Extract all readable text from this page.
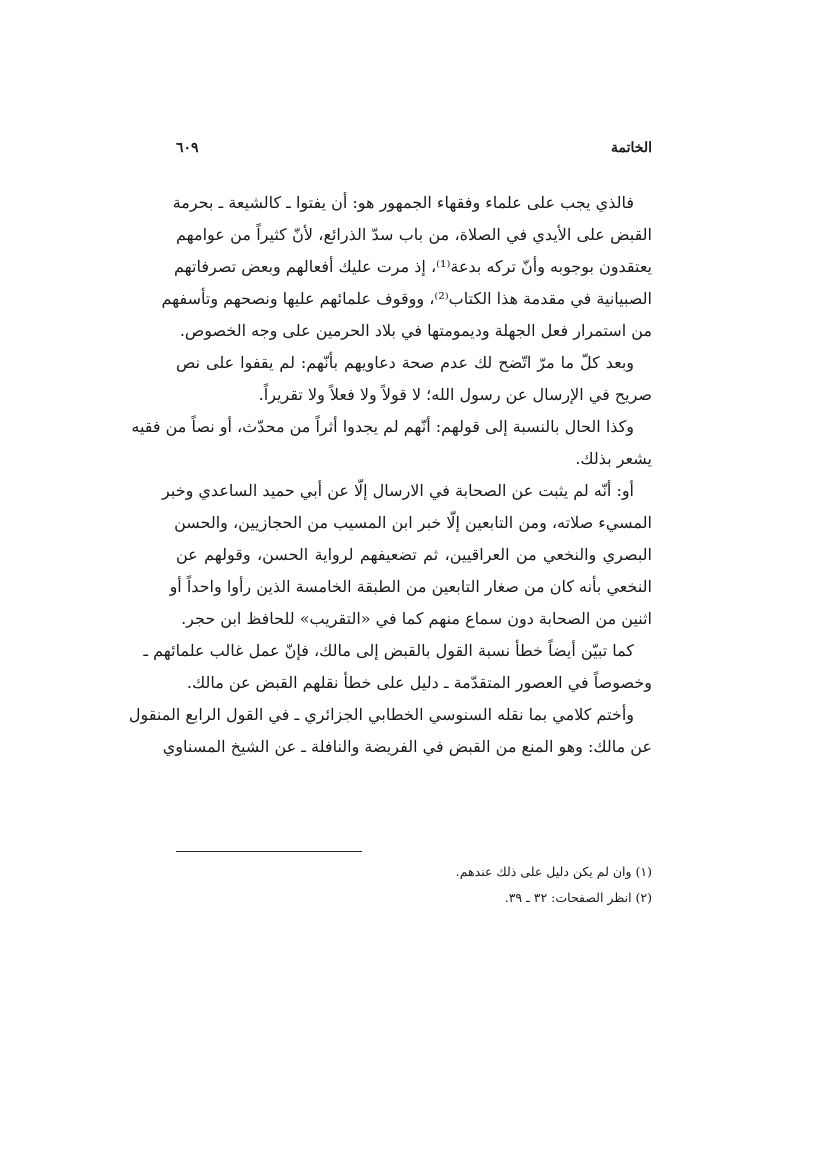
الخاتمة
٦٠٩
فالذي يجب على علماء وفقهاء الجمهور هو: أن يفتوا ـ كالشيعة ـ بحرمة
القبض على الأيدي في الصلاة، من باب سدّ الذرائع، لأنّ كثيراً من عوامهم
يعتقدون بوجوبه وأنّ تركه بدعة⁽¹⁾، إذ مرت عليك أفعالهم وبعض تصرفاتهم
الصبيانية في مقدمة هذا الكتاب⁽²⁾، ووقوف علمائهم عليها ونصحهم وتأسفهم
من استمرار فعل الجهلة وديمومتها في بلاد الحرمين على وجه الخصوص.
وبعد كلّ ما مرّ اتّضح لك عدم صحة دعاويهم بأنّهم: لم يقفوا على نص
صريح في الإرسال عن رسول الله؛ لا قولاً ولا فعلاً ولا تقريراً.
وكذا الحال بالنسبة إلى قولهم: أنّهم لم يجدوا أثراً من محدّث، أو نصاً من فقيه
يشعر بذلك.
أو: أنّه لم يثبت عن الصحابة في الارسال إلّا عن أبي حميد الساعدي وخبر
المسيء صلاته، ومن التابعين إلّا خبر ابن المسيب من الحجازيين، والحسن
البصري والنخعي من العراقيين، ثم تضعيفهم لرواية الحسن، وقولهم عن
النخعي بأنه كان من صغار التابعين من الطبقة الخامسة الذين رأوا واحداً أو
اثنين من الصحابة دون سماع منهم كما في «التقريب» للحافظ ابن حجر.
كما تبيّن أيضاً خطأ نسبة القول بالقبض إلى مالك، فإنّ عمل غالب علمائهم ـ
وخصوصاً في العصور المتقدّمة ـ دليل على خطأ نقلهم القبض عن مالك.
وأختم كلامي بما نقله السنوسي الخطابي الجزائري ـ في القول الرابع المنقول
عن مالك: وهو المنع من القبض في الفريضة والنافلة ـ عن الشيخ المسناوي
(١) وان لم يكن دليل على ذلك عندهم.
(٢) انظر الصفحات: ٣٢ ـ ٣٩.
